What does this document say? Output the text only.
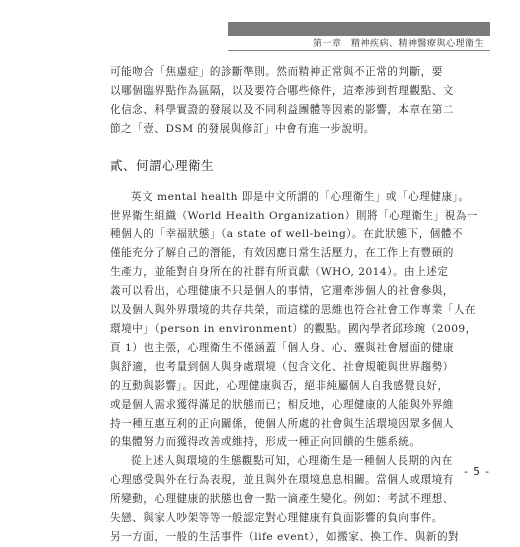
第一章　精神疾病、精神醫療與心理衛生

可能吻合「焦慮症」的診斷準則。然而精神正常與不正常的判斷，要
以哪個臨界點作為區隔，以及要符合哪些條件，這牽涉到哲理觀點、文
化信念、科學實證的發展以及不同利益團體等因素的影響，本章在第二
節之「壹、DSM 的發展與修訂」中會有進一步說明。

貳、何謂心理衛生

英文 mental health 即是中文所謂的「心理衛生」或「心理健康」。
世界衛生組織（World Health Organization）則將「心理衛生」視為一
種個人的「幸福狀態」（a state of well-being）。在此狀態下，個體不
僅能充分了解自己的潛能，有效因應日常生活壓力，在工作上有豐碩的
生產力，並能對自身所在的社群有所貢獻（WHO, 2014）。由上述定
義可以看出，心理健康不只是個人的事情，它還牽涉個人的社會參與，
以及個人與外界環境的共存共榮，而這樣的思維也符合社會工作專業「人在
環境中」（person in environment）的觀點。國內學者邱珍琬（2009，
頁 1）也主張，心理衛生不僅涵蓋「個人身、心、靈與社會層面的健康
與舒適，也考量到個人與身處環境（包含文化、社會規範與世界趨勢）
的互動與影響」。因此，心理健康與否，絕非純屬個人自我感覺良好，
或是個人需求獲得滿足的狀態而已；相反地，心理健康的人能與外界維
持一種互惠互利的正向關係，使個人所處的社會與生活環境因眾多個人
的集體努力而獲得改善或維持，形成一種正向回饋的生態系統。

從上述人與環境的生態觀點可知，心理衛生是一種個人長期的內在
心理感受與外在行為表現，並且與外在環境息息相關。當個人或環境有
所變動，心理健康的狀態也會一點一滴產生變化。例如：考試不理想、
失戀、與家人吵架等等一般認定對心理健康有負面影響的負向事件。
另一方面，一般的生活事件（life event），如搬家、換工作、與新的對

- 5 -
